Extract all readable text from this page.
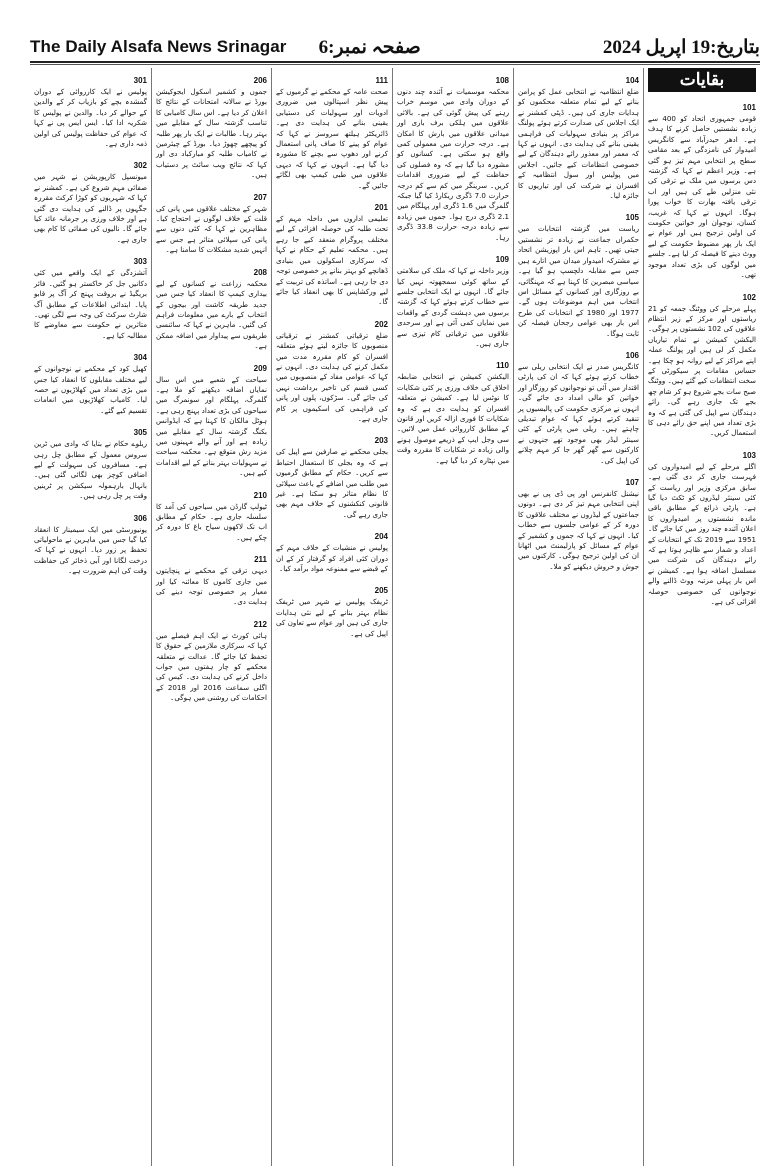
The Daily Alsafa News Srinagar صفحہ نمبر:6	بتاریخ:19 اپریل 2024
بقایات
101
قومی جمہوری اتحاد کو 400 سے زیادہ نشستیں حاصل کرنے کا ہدف ہے۔ ادھر حیدرآباد سے کانگریس امیدوار کی نامزدگی کے بعد مقامی سطح پر انتخابی مہم تیز ہو گئی ہے۔ وزیر اعظم نے کہا کہ گزشتہ دس برسوں میں ملک نے ترقی کی نئی منزلیں طے کی ہیں اور اب ترقی یافتہ بھارت کا خواب پورا ہوگا۔ انہوں نے کہا کہ غریب، کسان، نوجوان اور خواتین حکومت کی اولین ترجیح ہیں اور عوام نے ایک بار پھر مضبوط حکومت کے لیے ووٹ دینے کا فیصلہ کر لیا ہے۔ جلسے میں لوگوں کی بڑی تعداد موجود تھی۔
102
پہلے مرحلے کی ووٹنگ جمعہ کو 21 ریاستوں اور مرکز کے زیر انتظام علاقوں کی 102 نشستوں پر ہوگی۔ الیکشن کمیشن نے تمام تیاریاں مکمل کر لی ہیں اور پولنگ عملہ اپنے مراکز کے لیے روانہ ہو چکا ہے۔ حساس مقامات پر سیکورٹی کے سخت انتظامات کیے گئے ہیں۔ ووٹنگ صبح سات بجے شروع ہو کر شام چھ بجے تک جاری رہے گی۔ رائے دہندگان سے اپیل کی گئی ہے کہ وہ بڑی تعداد میں اپنے حق رائے دہی کا استعمال کریں۔
103
اگلے مرحلے کے لیے امیدواروں کی فہرست جاری کر دی گئی ہے۔ سابق مرکزی وزیر اور ریاست کے کئی سینئر لیڈروں کو ٹکٹ دیا گیا ہے۔ پارٹی ذرائع کے مطابق باقی ماندہ نشستوں پر امیدواروں کا اعلان آئندہ چند روز میں کیا جائے گا۔ 1951 سے 2019 تک کے انتخابات کے اعداد و شمار سے ظاہر ہوتا ہے کہ رائے دہندگان کی شرکت میں مسلسل اضافہ ہوا ہے۔ کمیشن نے اس بار پہلی مرتبہ ووٹ ڈالنے والے نوجوانوں کی خصوصی حوصلہ افزائی کی ہے۔
104
ضلع انتظامیہ نے انتخابی عمل کو پرامن بنانے کے لیے تمام متعلقہ محکموں کو ہدایات جاری کی ہیں۔ ڈپٹی کمشنر نے ایک اجلاس کی صدارت کرتے ہوئے پولنگ مراکز پر بنیادی سہولیات کی فراہمی یقینی بنانے کی ہدایت دی۔ انہوں نے کہا کہ معمر اور معذور رائے دہندگان کے لیے خصوصی انتظامات کیے جائیں۔ اجلاس میں پولیس اور سول انتظامیہ کے افسران نے شرکت کی اور تیاریوں کا جائزہ لیا۔
105
ریاست میں گزشتہ انتخابات میں حکمراں جماعت نے زیادہ تر نشستیں جیتی تھیں۔ تاہم اس بار اپوزیشن اتحاد نے مشترکہ امیدوار میدان میں اتارے ہیں جس سے مقابلہ دلچسپ ہو گیا ہے۔ سیاسی مبصرین کا کہنا ہے کہ مہنگائی، بے روزگاری اور کسانوں کے مسائل اس انتخاب میں اہم موضوعات ہوں گے۔ 1977 اور 1980 کے انتخابات کی طرح اس بار بھی عوامی رجحان فیصلہ کن ثابت ہوگا۔
106
کانگریس صدر نے ایک انتخابی ریلی سے خطاب کرتے ہوئے کہا کہ ان کی پارٹی اقتدار میں آئی تو نوجوانوں کو روزگار اور خواتین کو مالی امداد دی جائے گی۔ انہوں نے مرکزی حکومت کی پالیسیوں پر تنقید کرتے ہوئے کہا کہ عوام تبدیلی چاہتے ہیں۔ ریلی میں پارٹی کے کئی سینئر لیڈر بھی موجود تھے جنہوں نے کارکنوں سے گھر گھر جا کر مہم چلانے کی اپیل کی۔
107
نیشنل کانفرنس اور پی ڈی پی نے بھی اپنی انتخابی مہم تیز کر دی ہے۔ دونوں جماعتوں کے لیڈروں نے مختلف علاقوں کا دورہ کر کے عوامی جلسوں سے خطاب کیا۔ انہوں نے کہا کہ جموں و کشمیر کے عوام کے مسائل کو پارلیمنٹ میں اٹھانا ان کی اولین ترجیح ہوگی۔ کارکنوں میں جوش و خروش دیکھنے کو ملا۔
108
محکمہ موسمیات نے آئندہ چند دنوں کے دوران وادی میں موسم خراب رہنے کی پیش گوئی کی ہے۔ بالائی علاقوں میں ہلکی برف باری اور میدانی علاقوں میں بارش کا امکان ہے۔ درجہ حرارت میں معمولی کمی واقع ہو سکتی ہے۔ کسانوں کو مشورہ دیا گیا ہے کہ وہ فصلوں کی حفاظت کے لیے ضروری اقدامات کریں۔ سرینگر میں کم سے کم درجہ حرارت 7.0 ڈگری ریکارڈ کیا گیا جبکہ گلمرگ میں 1.6 ڈگری اور پہلگام میں 2.1 ڈگری درج ہوا۔ جموں میں زیادہ سے زیادہ درجہ حرارت 33.8 ڈگری رہا۔
109
وزیر داخلہ نے کہا کہ ملک کی سلامتی کے ساتھ کوئی سمجھوتہ نہیں کیا جائے گا۔ انہوں نے ایک انتخابی جلسے سے خطاب کرتے ہوئے کہا کہ گزشتہ برسوں میں دہشت گردی کے واقعات میں نمایاں کمی آئی ہے اور سرحدی علاقوں میں ترقیاتی کام تیزی سے جاری ہیں۔
110
الیکشن کمیشن نے انتخابی ضابطہ اخلاق کی خلاف ورزی پر کئی شکایات کا نوٹس لیا ہے۔ کمیشن نے متعلقہ افسران کو ہدایت دی ہے کہ وہ شکایات کا فوری ازالہ کریں اور قانون کے مطابق کارروائی عمل میں لائیں۔ سی وجل ایپ کے ذریعے موصول ہونے والی زیادہ تر شکایات کا مقررہ وقت میں نپٹارہ کر دیا گیا ہے۔
111
صحت عامہ کے محکمے نے گرمیوں کے پیش نظر اسپتالوں میں ضروری ادویات اور سہولیات کی دستیابی یقینی بنانے کی ہدایت دی ہے۔ ڈائریکٹر ہیلتھ سروسز نے کہا کہ عوام کو پینے کا صاف پانی استعمال کرنے اور دھوپ سے بچنے کا مشورہ دیا گیا ہے۔ انہوں نے کہا کہ دیہی علاقوں میں طبی کیمپ بھی لگائے جائیں گے۔
201
تعلیمی اداروں میں داخلہ مہم کے تحت طلبہ کی حوصلہ افزائی کے لیے مختلف پروگرام منعقد کیے جا رہے ہیں۔ محکمہ تعلیم کے حکام نے کہا کہ سرکاری اسکولوں میں بنیادی ڈھانچے کو بہتر بنانے پر خصوصی توجہ دی جا رہی ہے۔ اساتذہ کی تربیت کے لیے ورکشاپس کا بھی انعقاد کیا جائے گا۔
202
ضلع ترقیاتی کمشنر نے ترقیاتی منصوبوں کا جائزہ لیتے ہوئے متعلقہ افسران کو کام مقررہ مدت میں مکمل کرنے کی ہدایت دی۔ انہوں نے کہا کہ عوامی مفاد کے منصوبوں میں کسی قسم کی تاخیر برداشت نہیں کی جائے گی۔ سڑکوں، پلوں اور پانی کی فراہمی کی اسکیموں پر کام جاری ہے۔
203
بجلی محکمے نے صارفین سے اپیل کی ہے کہ وہ بجلی کا استعمال احتیاط سے کریں۔ حکام کے مطابق گرمیوں میں طلب میں اضافے کے باعث سپلائی کا نظام متاثر ہو سکتا ہے۔ غیر قانونی کنکشنوں کے خلاف مہم بھی جاری رہے گی۔
204
پولیس نے منشیات کے خلاف مہم کے دوران کئی افراد کو گرفتار کر کے ان کے قبضے سے ممنوعہ مواد برآمد کیا۔
205
ٹریفک پولیس نے شہر میں ٹریفک نظام بہتر بنانے کے لیے نئی ہدایات جاری کی ہیں اور عوام سے تعاون کی اپیل کی ہے۔
206
جموں و کشمیر اسکول ایجوکیشن بورڈ نے سالانہ امتحانات کے نتائج کا اعلان کر دیا ہے۔ اس سال کامیابی کا تناسب گزشتہ سال کے مقابلے میں بہتر رہا۔ طالبات نے ایک بار پھر طلبہ کو پیچھے چھوڑ دیا۔ بورڈ کے چیئرمین نے کامیاب طلبہ کو مبارکباد دی اور کہا کہ نتائج ویب سائٹ پر دستیاب ہیں۔
207
شہر کے مختلف علاقوں میں پانی کی قلت کے خلاف لوگوں نے احتجاج کیا۔ مظاہرین نے کہا کہ کئی دنوں سے پانی کی سپلائی متاثر ہے جس سے انہیں شدید مشکلات کا سامنا ہے۔
208
محکمہ زراعت نے کسانوں کے لیے بیداری کیمپ کا انعقاد کیا جس میں جدید طریقہ کاشت اور بیجوں کے انتخاب کے بارے میں معلومات فراہم کی گئیں۔ ماہرین نے کہا کہ سائنسی طریقوں سے پیداوار میں اضافہ ممکن ہے۔
209
سیاحت کے شعبے میں اس سال نمایاں اضافہ دیکھنے کو ملا ہے۔ گلمرگ، پہلگام اور سونمرگ میں سیاحوں کی بڑی تعداد پہنچ رہی ہے۔ ہوٹل مالکان کا کہنا ہے کہ ایڈوانس بکنگ گزشتہ سال کے مقابلے میں زیادہ ہے اور آنے والے مہینوں میں مزید رش متوقع ہے۔ محکمہ سیاحت نے سہولیات بہتر بنانے کے لیے اقدامات کیے ہیں۔
210
ٹیولپ گارڈن میں سیاحوں کی آمد کا سلسلہ جاری ہے۔ حکام کے مطابق اب تک لاکھوں سیاح باغ کا دورہ کر چکے ہیں۔
211
دیہی ترقی کے محکمے نے پنچایتوں میں جاری کاموں کا معائنہ کیا اور معیار پر خصوصی توجہ دینے کی ہدایت دی۔
212
ہائی کورٹ نے ایک اہم فیصلے میں کہا کہ سرکاری ملازمین کے حقوق کا تحفظ کیا جائے گا۔ عدالت نے متعلقہ محکمے کو چار ہفتوں میں جواب داخل کرنے کی ہدایت دی۔ کیس کی اگلی سماعت 2016 اور 2018 کے احکامات کی روشنی میں ہوگی۔
301
پولیس نے ایک کارروائی کے دوران گمشدہ بچے کو بازیاب کر کے والدین کے حوالے کر دیا۔ والدین نے پولیس کا شکریہ ادا کیا۔ ایس ایس پی نے کہا کہ عوام کی حفاظت پولیس کی اولین ذمہ داری ہے۔
302
میونسپل کارپوریشن نے شہر میں صفائی مہم شروع کی ہے۔ کمشنر نے کہا کہ شہریوں کو کوڑا کرکٹ مقررہ جگہوں پر ڈالنے کی ہدایت دی گئی ہے اور خلاف ورزی پر جرمانہ عائد کیا جائے گا۔ نالیوں کی صفائی کا کام بھی جاری ہے۔
303
آتشزدگی کے ایک واقعے میں کئی دکانیں جل کر خاکستر ہو گئیں۔ فائر بریگیڈ نے بروقت پہنچ کر آگ پر قابو پایا۔ ابتدائی اطلاعات کے مطابق آگ شارٹ سرکٹ کی وجہ سے لگی تھی۔ متاثرین نے حکومت سے معاوضے کا مطالبہ کیا ہے۔
304
کھیل کود کے محکمے نے نوجوانوں کے لیے مختلف مقابلوں کا انعقاد کیا جس میں بڑی تعداد میں کھلاڑیوں نے حصہ لیا۔ کامیاب کھلاڑیوں میں انعامات تقسیم کیے گئے۔
305
ریلوے حکام نے بتایا کہ وادی میں ٹرین سروس معمول کے مطابق چل رہی ہے۔ مسافروں کی سہولت کے لیے اضافی کوچز بھی لگائی گئی ہیں۔ بانہال بارہمولہ سیکشن پر ٹرینیں وقت پر چل رہی ہیں۔
306
یونیورسٹی میں ایک سیمینار کا انعقاد کیا گیا جس میں ماہرین نے ماحولیاتی تحفظ پر زور دیا۔ انہوں نے کہا کہ درخت لگانا اور آبی ذخائر کی حفاظت وقت کی اہم ضرورت ہے۔
